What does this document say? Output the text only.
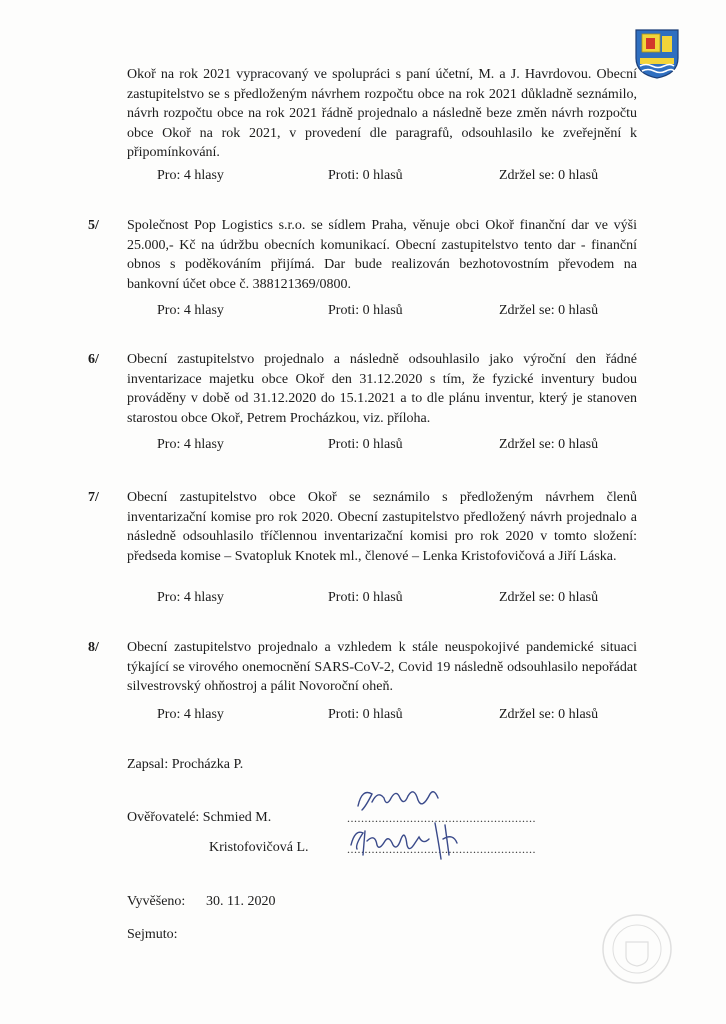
Okoř na rok 2021 vypracovaný ve spolupráci s paní účetní, M. a J. Havrdovou. Obecní zastupitelstvo se s předloženým návrhem rozpočtu obce na rok 2021 důkladně seznámilo, návrh rozpočtu obce na rok 2021 řádně projednalo a následně beze změn návrh rozpočtu obce Okoř na rok 2021, v provedení dle paragrafů, odsouhlasilo ke zveřejnění k připomínkování.

Pro: 4 hlasy	Proti: 0 hlasů	Zdržel se: 0 hlasů
5/ Společnost Pop Logistics s.r.o. se sídlem Praha, věnuje obci Okoř finanční dar ve výši 25.000,- Kč na údržbu obecních komunikací. Obecní zastupitelstvo tento dar - finanční obnos s poděkováním přijímá. Dar bude realizován bezhotovostním převodem na bankovní účet obce č. 388121369/0800.

Pro: 4 hlasy	Proti: 0 hlasů	Zdržel se: 0 hlasů
6/ Obecní zastupitelstvo projednalo a následně odsouhlasilo jako výroční den řádné inventarizace majetku obce Okoř den 31.12.2020 s tím, že fyzické inventury budou prováděny v době od 31.12.2020 do 15.1.2021 a to dle plánu inventur, který je stanoven starostou obce Okoř, Petrem Procházkou, viz. příloha.

Pro: 4 hlasy	Proti: 0 hlasů	Zdržel se: 0 hlasů
7/ Obecní zastupitelstvo obce Okoř se seznámilo s předloženým návrhem členů inventarizační komise pro rok 2020. Obecní zastupitelstvo předložený návrh projednalo a následně odsouhlasilo tříčlennou inventarizační komisi pro rok 2020 v tomto složení: předseda komise – Svatopluk Knotek ml., členové – Lenka Kristofovičová a Jiří Láska.

Pro: 4 hlasy	Proti: 0 hlasů	Zdržel se: 0 hlasů
8/ Obecní zastupitelstvo projednalo a vzhledem k stále neuspokojivé pandemické situaci týkající se virového onemocnění SARS-CoV-2, Covid 19 následně odsouhlasilo nepořádat silvestrovský ohňostroj a pálit Novoroční oheň.

Pro: 4 hlasy	Proti: 0 hlasů	Zdržel se: 0 hlasů
Zapsal: Procházka P.
Ověřovatelé: Schmied M.	......................................................
Kristofovičová L.	......................................................
Vyvěšeno: 30. 11. 2020
Sejmuto:
